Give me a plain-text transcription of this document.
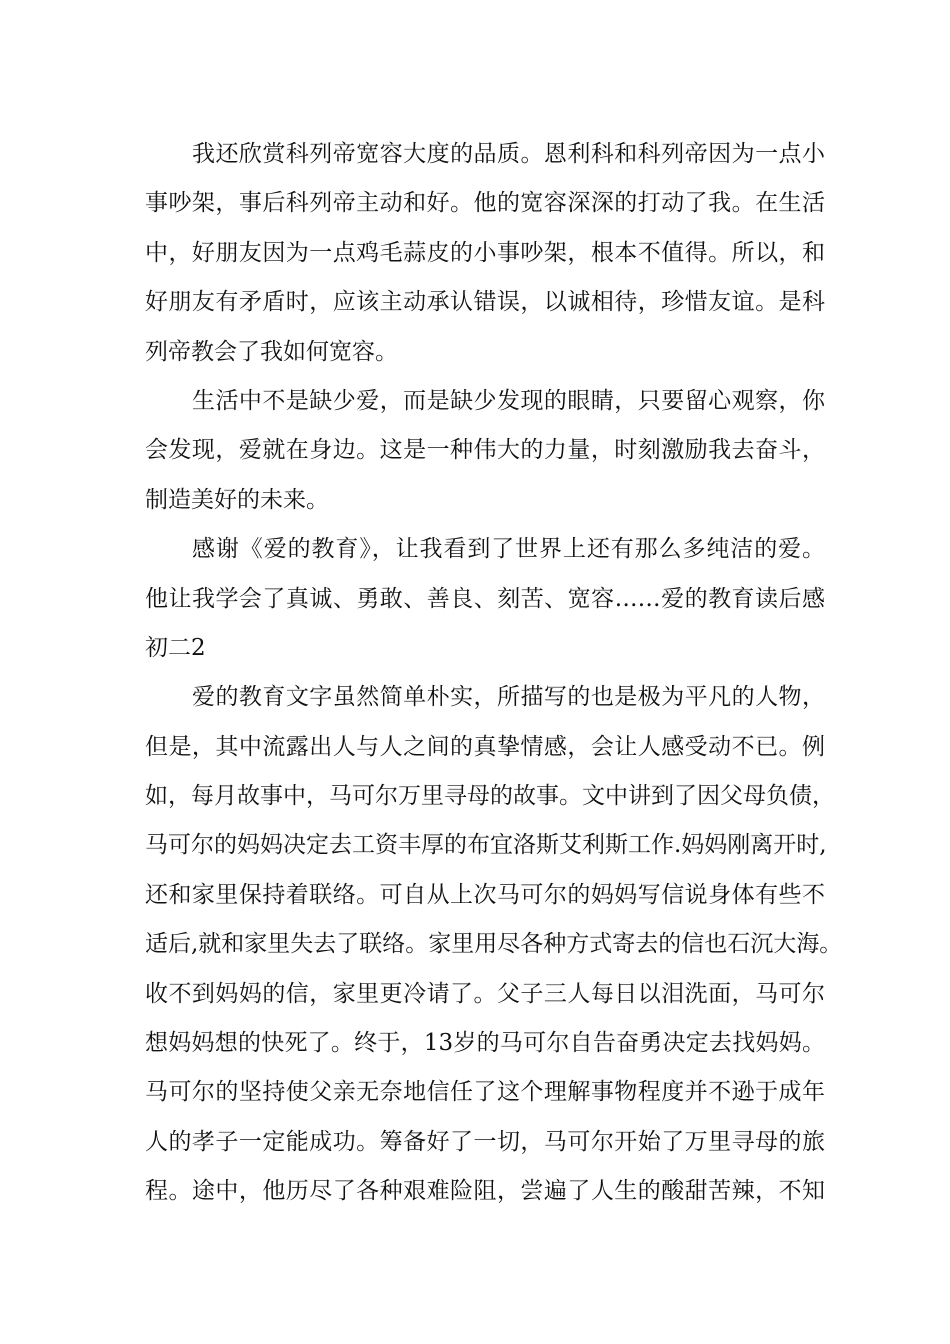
我还欣赏科列帝宽容大度的品质。恩利科和科列帝因为一点小
事吵架，事后科列帝主动和好。他的宽容深深的打动了我。在生活
中，好朋友因为一点鸡毛蒜皮的小事吵架，根本不值得。所以，和
好朋友有矛盾时，应该主动承认错误，以诚相待，珍惜友谊。是科
列帝教会了我如何宽容。
生活中不是缺少爱，而是缺少发现的眼睛，只要留心观察，你
会发现，爱就在身边。这是一种伟大的力量，时刻激励我去奋斗，
制造美好的未来。
感谢《爱的教育》，让我看到了世界上还有那么多纯洁的爱。
他让我学会了真诚、勇敢、善良、刻苦、宽容……爱的教育读后感
初二2
爱的教育文字虽然简单朴实，所描写的也是极为平凡的人物，
但是，其中流露出人与人之间的真挚情感，会让人感受动不已。例
如，每月故事中，马可尔万里寻母的故事。文中讲到了因父母负债，
马可尔的妈妈决定去工资丰厚的布宜洛斯艾利斯工作.妈妈刚离开时,
还和家里保持着联络。可自从上次马可尔的妈妈写信说身体有些不
适后,就和家里失去了联络。家里用尽各种方式寄去的信也石沉大海。
收不到妈妈的信，家里更冷请了。父子三人每日以泪洗面，马可尔
想妈妈想的快死了。终于，13岁的马可尔自告奋勇决定去找妈妈。
马可尔的坚持使父亲无奈地信任了这个理解事物程度并不逊于成年
人的孝子一定能成功。筹备好了一切，马可尔开始了万里寻母的旅
程。途中，他历尽了各种艰难险阻，尝遍了人生的酸甜苦辣，不知
